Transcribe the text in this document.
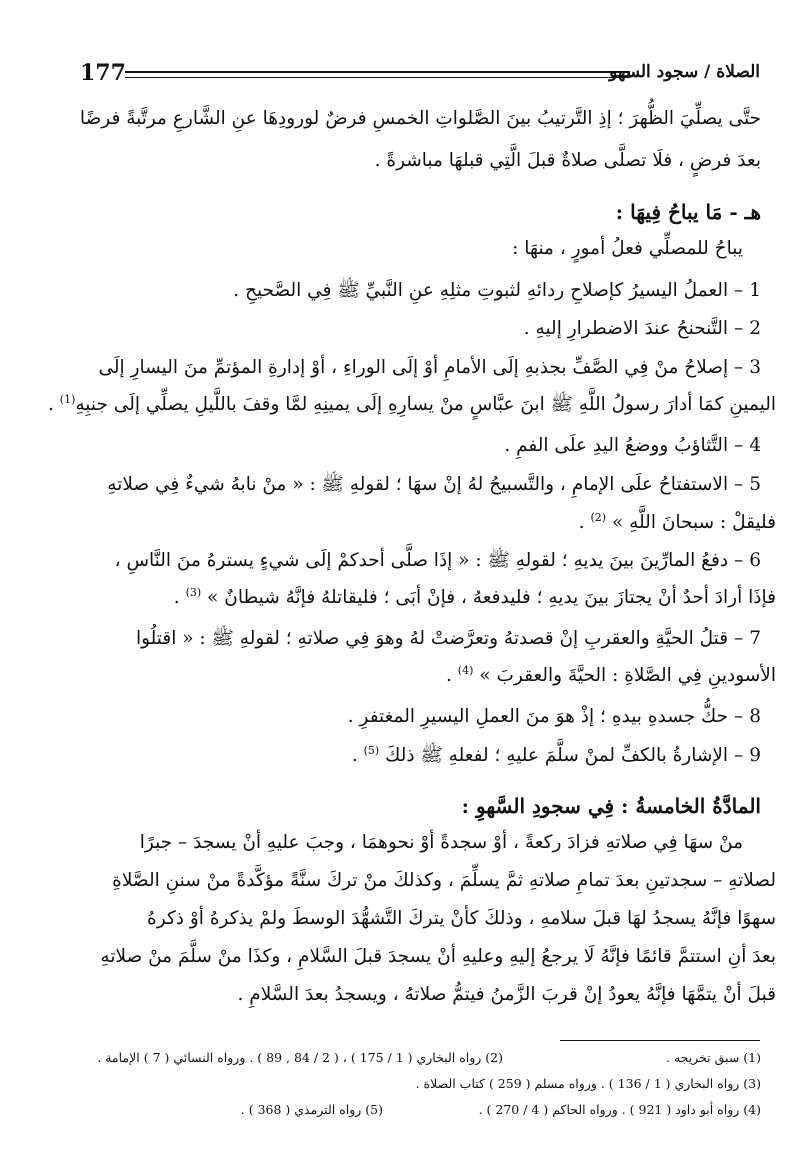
177	الصلاة / سجود السهو
حتَّى يصلِّيَ الظُّهرَ ؛ إذِ التَّرتيبُ بينَ الصَّلواتِ الخمسِ فرضٌ لورودِهَا عنِ الشَّارعِ مرتَّبةً فرضًا
بعدَ فرضٍ ، فلَا تصلَّى صلاةٌ قبلَ الَّتِي قبلهَا مباشرةً .
هـ - مَا يباحُ فِيهَا :
يباحُ للمصلِّي فعلُ أمورٍ ، منهَا :
1– العملُ اليسيرُ كإصلاحِ ردائهِ لثبوتِ مثلِهِ عنِ النَّبيِّ ﷺ فِي الصَّحيحِ .
2– التَّنحنحُ عندَ الاضطرارِ إليهِ .
3– إصلاحُ منْ فِي الصَّفِّ بجذبهِ إلَى الأمامِ أوْ إلَى الوراءِ ، أوْ إدارةِ المؤتمِّ منَ اليسارِ إلَى
اليمينِ كمَا أدارَ رسولُ اللَّهِ ﷺ ابنَ عبَّاسٍ منْ يسارِهِ إلَى يمينِهِ لمَّا وقفَ باللَّيلِ يصلِّي إلَى جنبِهِ$^{(1)}$ .
4– التَّثاؤبُ ووضعُ اليدِ علَى الفمِ .
5– الاستفتاحُ علَى الإمامِ ، والتَّسبيحُ لهُ إنْ سهَا ؛ لقولهِ ﷺ : « منْ نابهُ شيءٌ فِي صلاتهِ
فليقلْ : سبحانَ اللَّهِ » $^{(2)}$ .
6– دفعُ المارِّينَ بينَ يديهِ ؛ لقولهِ ﷺ : « إذَا صلَّى أحدكمْ إلَى شيءٍ يسترهُ منَ النَّاسِ ،
فإذَا أرادَ أحدٌ أنْ يجتازَ بينَ يديهِ ؛ فليدفعهُ ، فإنْ أبَى ؛ فليقاتلهُ فإنَّهُ شيطانٌ » $^{(3)}$ .
7– قتلُ الحيَّةِ والعقربِ إنْ قصدتهُ وتعرَّضتْ لهُ وهوَ فِي صلاتهِ ؛ لقولهِ ﷺ : « اقتلُوا
الأسودينِ فِي الصَّلاةِ : الحيَّةَ والعقربَ » $^{(4)}$ .
8– حكُّ جسدهِ بيدهِ ؛ إذْ هوَ منَ العملِ اليسيرِ المغتفرِ .
9– الإشارةُ بالكفِّ لمنْ سلَّمَ عليهِ ؛ لفعلهِ ﷺ ذلكَ $^{(5)}$ .
المادَّةُ الخامسةُ : فِي سجودِ السَّهوِ :
منْ سهَا فِي صلاتهِ فزادَ ركعةً ، أوْ سجدةً أوْ نحوهمَا ، وجبَ عليهِ أنْ يسجدَ – جبرًا
لصلاتهِ – سجدتينِ بعدَ تمامِ صلاتهِ ثمَّ يسلِّمَ ، وكذلكَ منْ تركَ سنَّةً مؤكَّدةً منْ سننِ الصَّلاةِ
سهوًا فإنَّهُ يسجدُ لهَا قبلَ سلامهِ ، وذلكَ كأنْ يتركَ التَّشهُّدَ الوسطَ ولمْ يذكرهُ أوْ ذكرهُ
بعدَ أنِ استتمَّ قائمًا فإنَّهُ لَا يرجعُ إليهِ وعليهِ أنْ يسجدَ قبلَ السَّلامِ ، وكذَا منْ سلَّمَ منْ صلاتهِ
قبلَ أنْ يتمَّهَا فإنَّهُ يعودُ إنْ قربَ الزَّمنُ فيتمُّ صلاتهُ ، ويسجدُ بعدَ السَّلامِ .
(1) سبق تخريجه .
(2) رواه البخاري ( 1 / 175 ) ، ( 2 / 84 , 89 ) . ورواه النسائي ( 7 ) الإمامة .
(3) رواه البخاري ( 1 / 136 ) . ورواه مسلم ( 259 ) كتاب الصلاة .
(4) رواه أبو داود ( 921 ) . ورواه الحاكم ( 4 / 270 ) .
(5) رواه الترمذي ( 368 ) .
